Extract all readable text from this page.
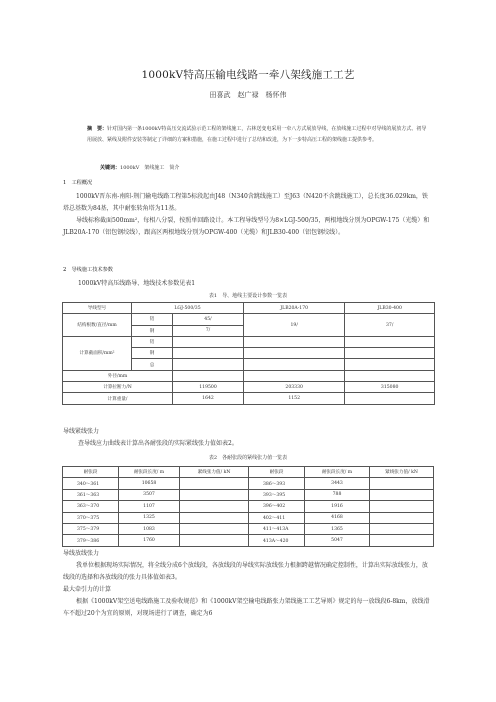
1000kV特高压输电线路一牵八架线施工工艺
田喜武　赵广禄　杨怀伟
摘　要：针对国内第一条1000kV特高压交流试验示范工程的架线施工，古林送变电采用一牵八方式展放导线，在放线施工过程中对导线的展放方式、初导用展放、紧线及附件安装等制定了详细的方案和措施，在施工过程中进行了总结和改进，为下一步特高压工程的架线施工提供参考。
关键词：1000kV　架线施工　简介
1　工程概况
1000kV晋东南-南阳-荆门输电线路工程第5标段起由J48（N340含跳线施工）至J63（N420不含跳线施工），总长度36.029km，铁塔总基数为84基，其中耐张转角塔为11基。
导线标称截面500mm²，每相八分裂，按照单回路设计。本工程导线型号为8×LGJ-500/35，两根地线分别为OPGW-175（光缆）和JLB20A-170（铝包钢绞线），跟高区两根地线分别为OPGW-400（光缆）和JLB30-400（铝包钢绞线）。
2　导线施工技术参数
1000kV特高压线路导、地线技术参数见表1
表1　导、地线主要设计参数一览表
导线型号	LGJ-500/35		JLB20A-170	JLB30-400
结构根数/直径/mm	铝	45/	19/	37/
	钢	7/		
计算截面积/mm²	铝			
	钢			
	总			
外径/mm				
计算拉断力/N		119500	203330	315080
计算重量/		1642	1152	
导线紧线张力
查导线应力曲线表计算出各耐张段的实际紧线张力值如表2。
表2　各耐张段的紧线张力值一览表
耐张段	耐张段长度/ m	紧线张力值/ kN	耐张段	耐张段长度/ m	紧线张力值/ kN
340～361	10658		386～393	3443	
361～363	3507		393～395	788	
363～370	1107		396～402	1916	
370～375	1325		402～411	4168	
375～379	1083		411～413A	1365	
379～386	1760		413A～420	5047	
导线放线张力
我单位根据现场实际情况，将全线分成6个放线段，各放线段的导线实际放线张力根据跨越情况确定控制性，计算出实际放线张力，放线段的选择和各放线段的张力具体值如表3。
最大牵引力的计算
根据《1000kV架空送电线路施工及验收规范》和《1000kV架空输电线路张力架线施工工艺导则》规定的每一放线段6-8km，放线滑车不超过20个为宜的原则，对现场进行了调查，确定为6
